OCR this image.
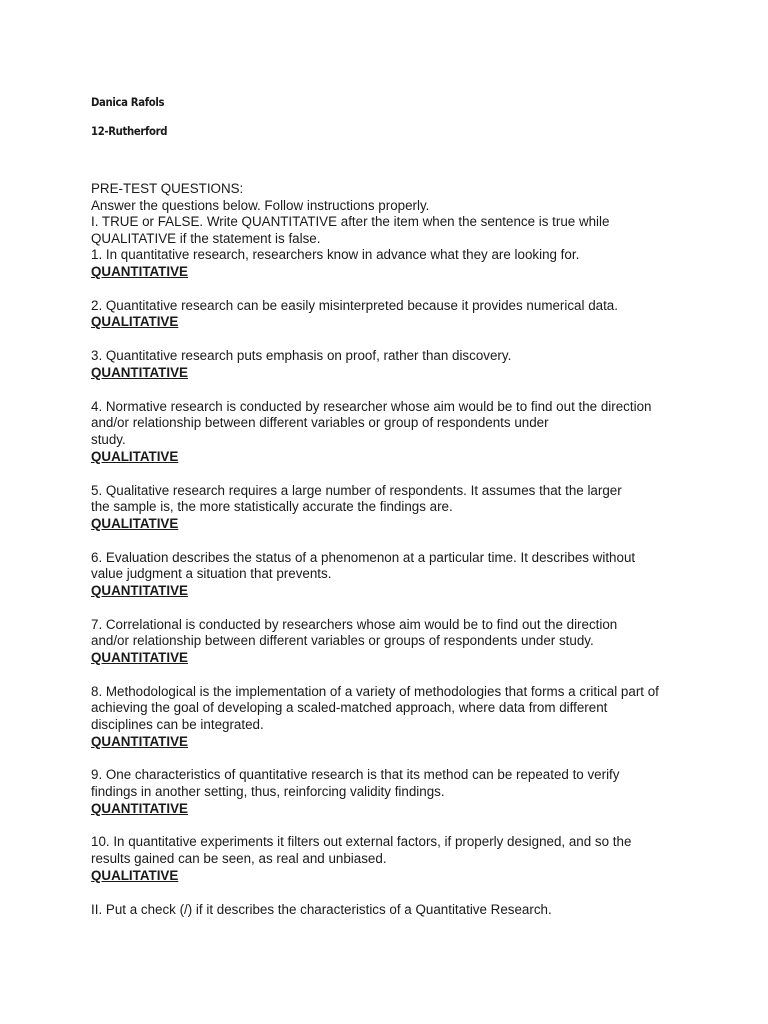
Danica Rafols
12-Rutherford
PRE-TEST QUESTIONS:
Answer the questions below. Follow instructions properly.
I. TRUE or FALSE. Write QUANTITATIVE after the item when the sentence is true while
QUALITATIVE if the statement is false.
1. In quantitative research, researchers know in advance what they are looking for.
QUANTITATIVE
2. Quantitative research can be easily misinterpreted because it provides numerical data.
QUALITATIVE
3. Quantitative research puts emphasis on proof, rather than discovery.
QUANTITATIVE
4. Normative research is conducted by researcher whose aim would be to find out the direction
and/or relationship between different variables or group of respondents under
study.
QUALITATIVE
5. Qualitative research requires a large number of respondents. It assumes that the larger
the sample is, the more statistically accurate the findings are.
QUALITATIVE
6. Evaluation describes the status of a phenomenon at a particular time. It describes without
value judgment a situation that prevents.
QUANTITATIVE
7. Correlational is conducted by researchers whose aim would be to find out the direction
and/or relationship between different variables or groups of respondents under study.
QUANTITATIVE
8. Methodological is the implementation of a variety of methodologies that forms a critical part of
achieving the goal of developing a scaled-matched approach, where data from different
disciplines can be integrated.
QUANTITATIVE
9. One characteristics of quantitative research is that its method can be repeated to verify
findings in another setting, thus, reinforcing validity findings.
QUANTITATIVE
10. In quantitative experiments it filters out external factors, if properly designed, and so the
results gained can be seen, as real and unbiased.
QUALITATIVE
II. Put a check (/) if it describes the characteristics of a Quantitative Research.
